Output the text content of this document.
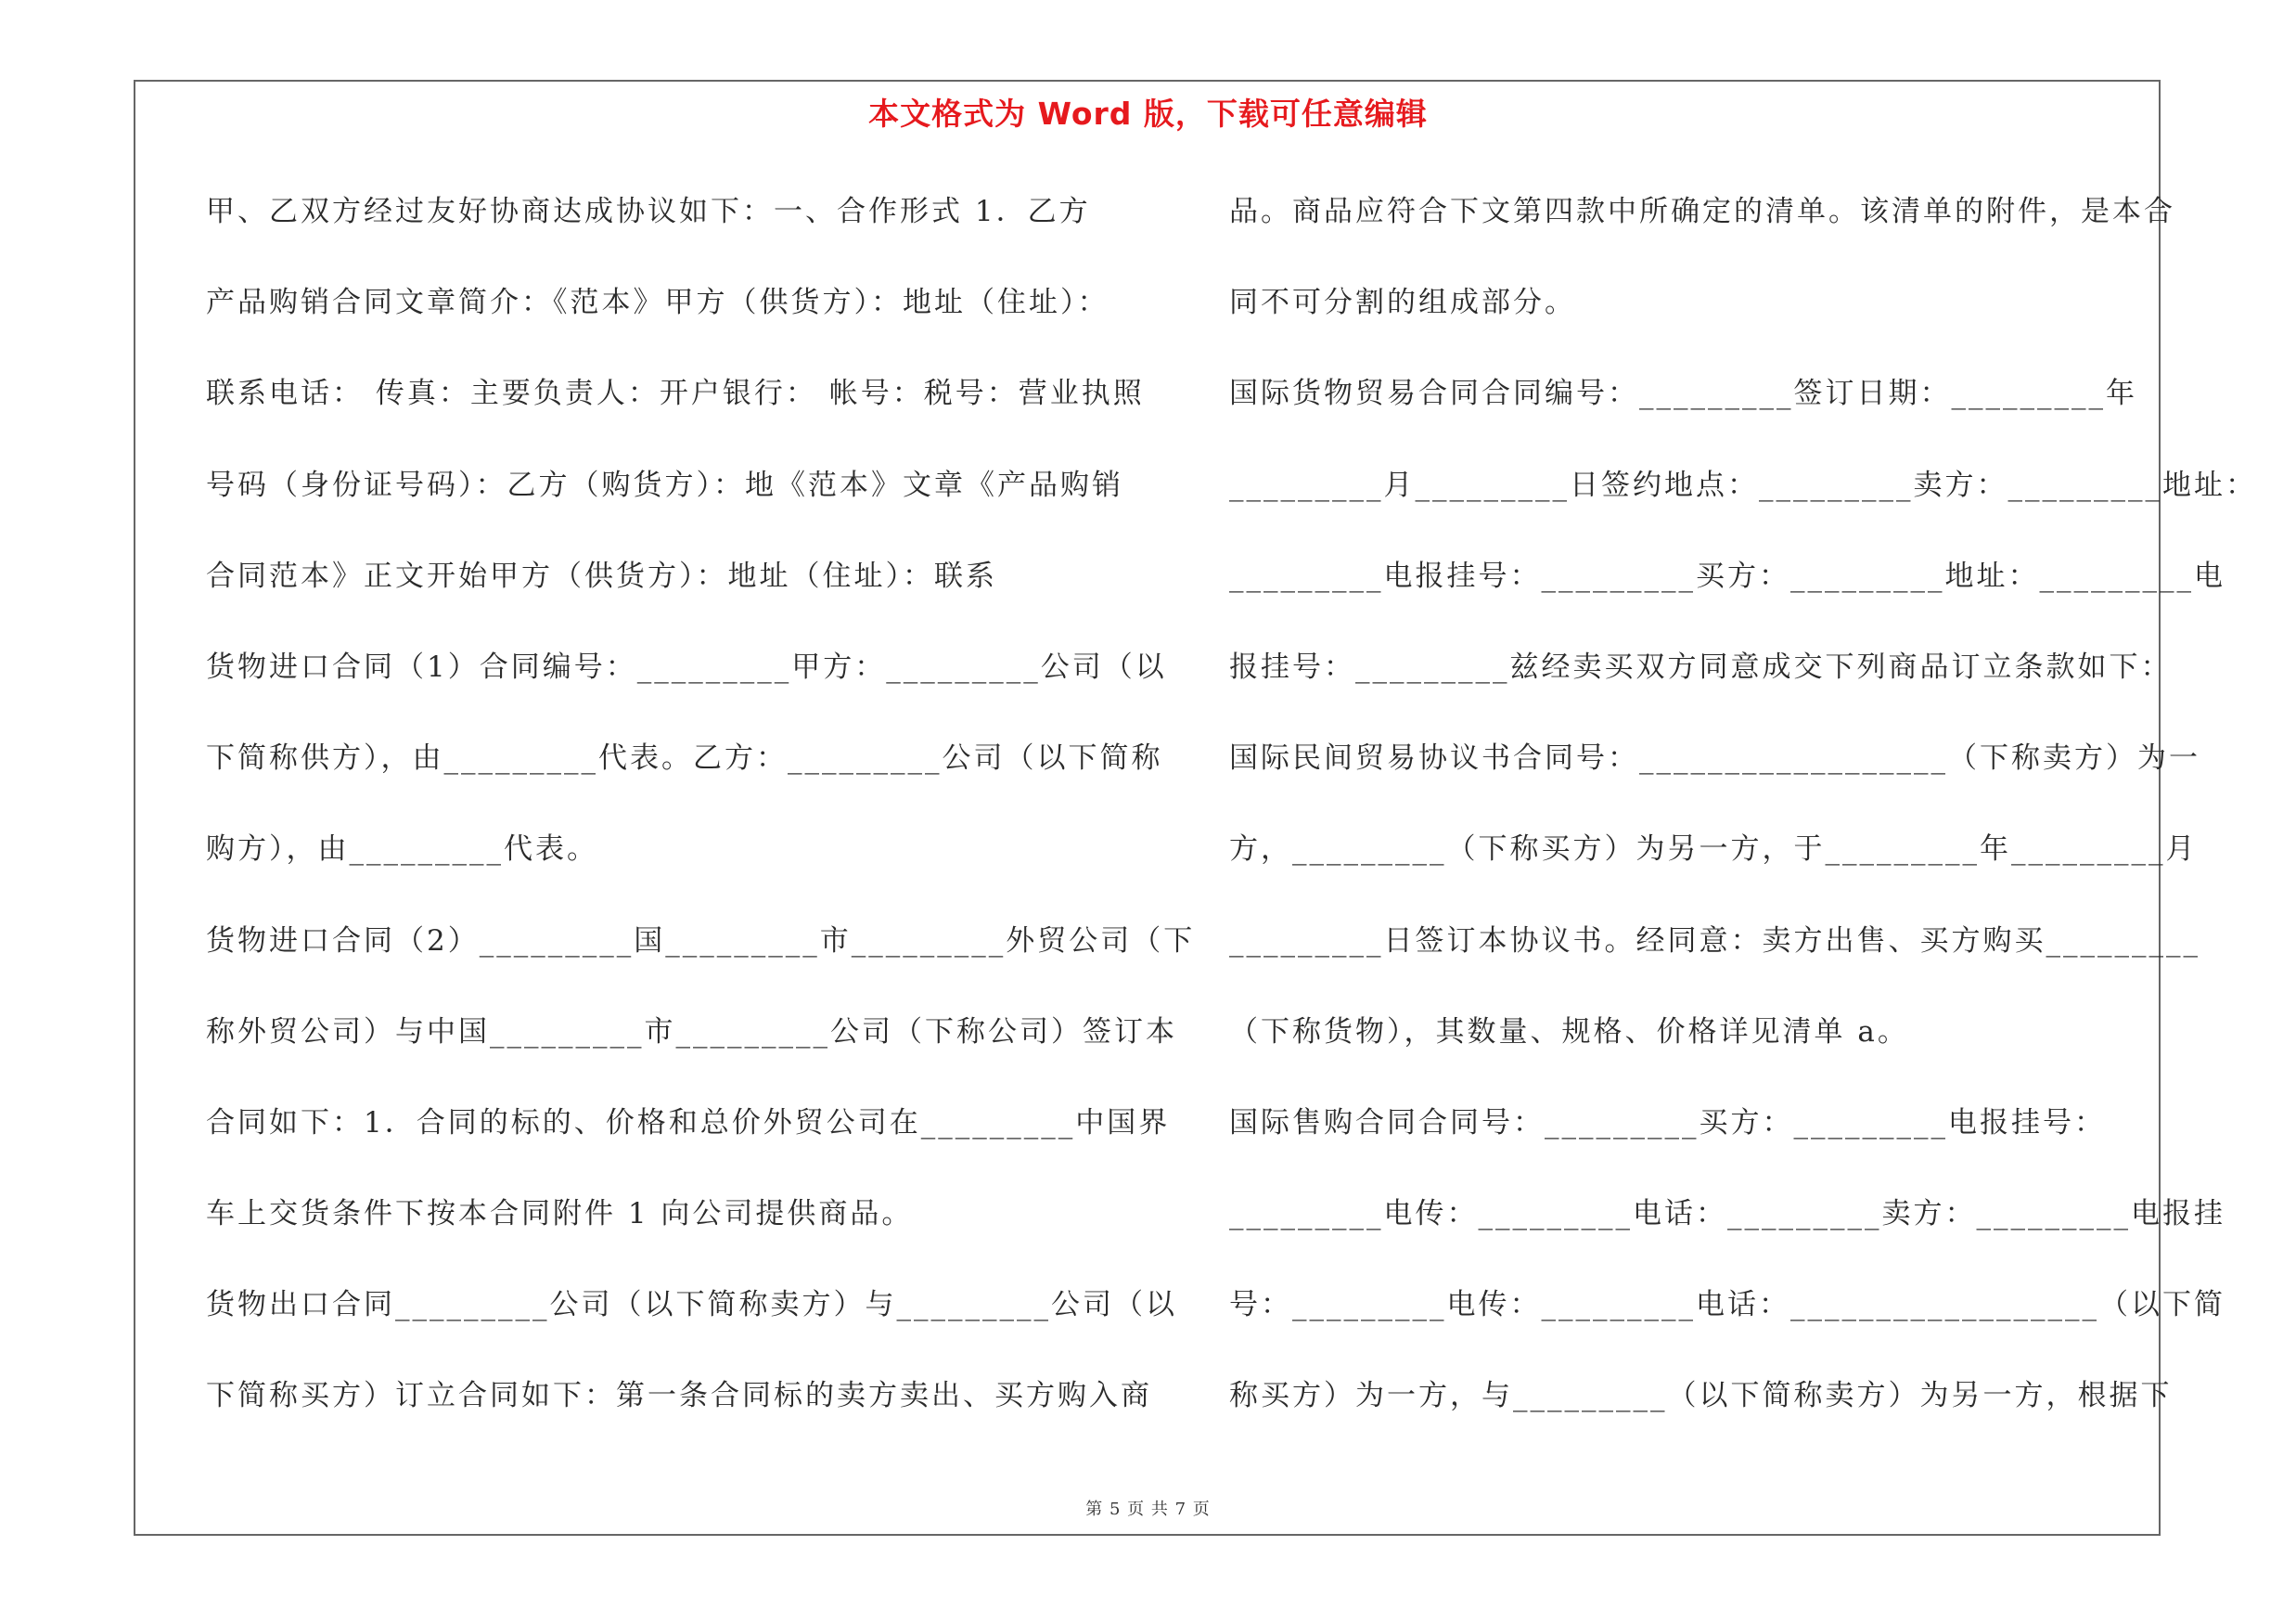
本文格式为 Word 版，下载可任意编辑
甲、乙双方经过友好协商达成协议如下：一、合作形式 1．乙方
产品购销合同文章简介：《范本》甲方（供货方）：地址（住址）：
联系电话： 传真：主要负责人：开户银行： 帐号：税号：营业执照
号码（身份证号码）：乙方（购货方）：地《范本》文章《产品购销
合同范本》正文开始甲方（供货方）：地址（住址）：联系
货物进口合同（1）合同编号：_________甲方：_________公司（以
下简称供方），由_________代表。乙方：_________公司（以下简称
购方），由_________代表。
货物进口合同（2）_________国_________市_________外贸公司（下
称外贸公司）与中国_________市_________公司（下称公司）签订本
合同如下：1．合同的标的、价格和总价外贸公司在_________中国界
车上交货条件下按本合同附件 1 向公司提供商品。
货物出口合同_________公司（以下简称卖方）与_________公司（以
下简称买方）订立合同如下：第一条合同标的卖方卖出、买方购入商
品。商品应符合下文第四款中所确定的清单。该清单的附件，是本合
同不可分割的组成部分。
国际货物贸易合同合同编号：_________签订日期：_________年
_________月_________日签约地点：_________卖方：_________地址：
_________电报挂号：_________买方：_________地址：_________电
报挂号：_________兹经卖买双方同意成交下列商品订立条款如下：
国际民间贸易协议书合同号：__________________（下称卖方）为一
方，_________（下称买方）为另一方，于_________年_________月
_________日签订本协议书。经同意：卖方出售、买方购买_________
（下称货物），其数量、规格、价格详见清单 a。
国际售购合同合同号：_________买方：_________电报挂号：
_________电传：_________电话：_________卖方：_________电报挂
号：_________电传：_________电话：__________________（以下简
称买方）为一方，与_________（以下简称卖方）为另一方，根据下
第 5 页 共 7 页
